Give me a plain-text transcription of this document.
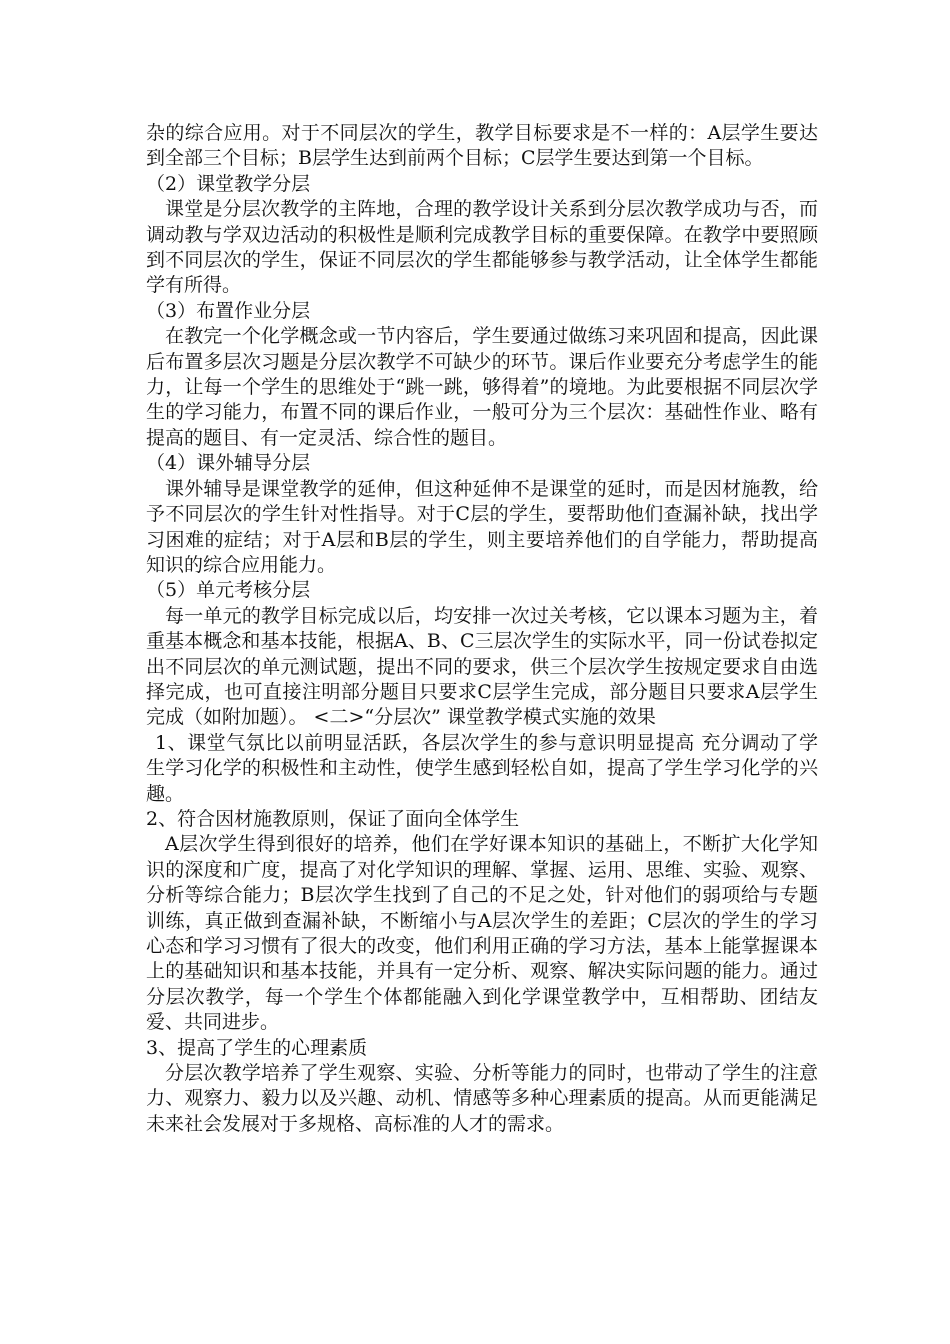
杂的综合应用。对于不同层次的学生，教学目标要求是不一样的：A层学生要达到全部三个目标；B层学生达到前两个目标；C层学生要达到第一个目标。

（2）课堂教学分层

课堂是分层次教学的主阵地，合理的教学设计关系到分层次教学成功与否，而调动教与学双边活动的积极性是顺利完成教学目标的重要保障。在教学中要照顾到不同层次的学生，保证不同层次的学生都能够参与教学活动，让全体学生都能学有所得。

（3）布置作业分层

在教完一个化学概念或一节内容后，学生要通过做练习来巩固和提高，因此课后布置多层次习题是分层次教学不可缺少的环节。课后作业要充分考虑学生的能力，让每一个学生的思维处于“跳一跳，够得着”的境地。为此要根据不同层次学生的学习能力，布置不同的课后作业，一般可分为三个层次：基础性作业、略有提高的题目、有一定灵活、综合性的题目。

（4）课外辅导分层

课外辅导是课堂教学的延伸，但这种延伸不是课堂的延时，而是因材施教，给予不同层次的学生针对性指导。对于C层的学生，要帮助他们查漏补缺，找出学习困难的症结；对于A层和B层的学生，则主要培养他们的自学能力，帮助提高知识的综合应用能力。

（5）单元考核分层

每一单元的教学目标完成以后，均安排一次过关考核，它以课本习题为主，着重基本概念和基本技能，根据A、B、C三层次学生的实际水平，同一份试卷拟定出不同层次的单元测试题，提出不同的要求，供三个层次学生按规定要求自由选择完成，也可直接注明部分题目只要求C层学生完成，部分题目只要求A层学生完成（如附加题）。 <二>“分层次” 课堂教学模式实施的效果

1、课堂气氛比以前明显活跃，各层次学生的参与意识明显提高 充分调动了学生学习化学的积极性和主动性，使学生感到轻松自如，提高了学生学习化学的兴趣。

2、符合因材施教原则，保证了面向全体学生

A层次学生得到很好的培养，他们在学好课本知识的基础上，不断扩大化学知识的深度和广度，提高了对化学知识的理解、掌握、运用、思维、实验、观察、分析等综合能力；B层次学生找到了自己的不足之处，针对他们的弱项给与专题训练，真正做到查漏补缺，不断缩小与A层次学生的差距；C层次的学生的学习心态和学习习惯有了很大的改变，他们利用正确的学习方法，基本上能掌握课本上的基础知识和基本技能，并具有一定分析、观察、解决实际问题的能力。通过分层次教学，每一个学生个体都能融入到化学课堂教学中，互相帮助、团结友爱、共同进步。

3、提高了学生的心理素质

分层次教学培养了学生观察、实验、分析等能力的同时，也带动了学生的注意力、观察力、毅力以及兴趣、动机、情感等多种心理素质的提高。从而更能满足未来社会发展对于多规格、高标准的人才的需求。
